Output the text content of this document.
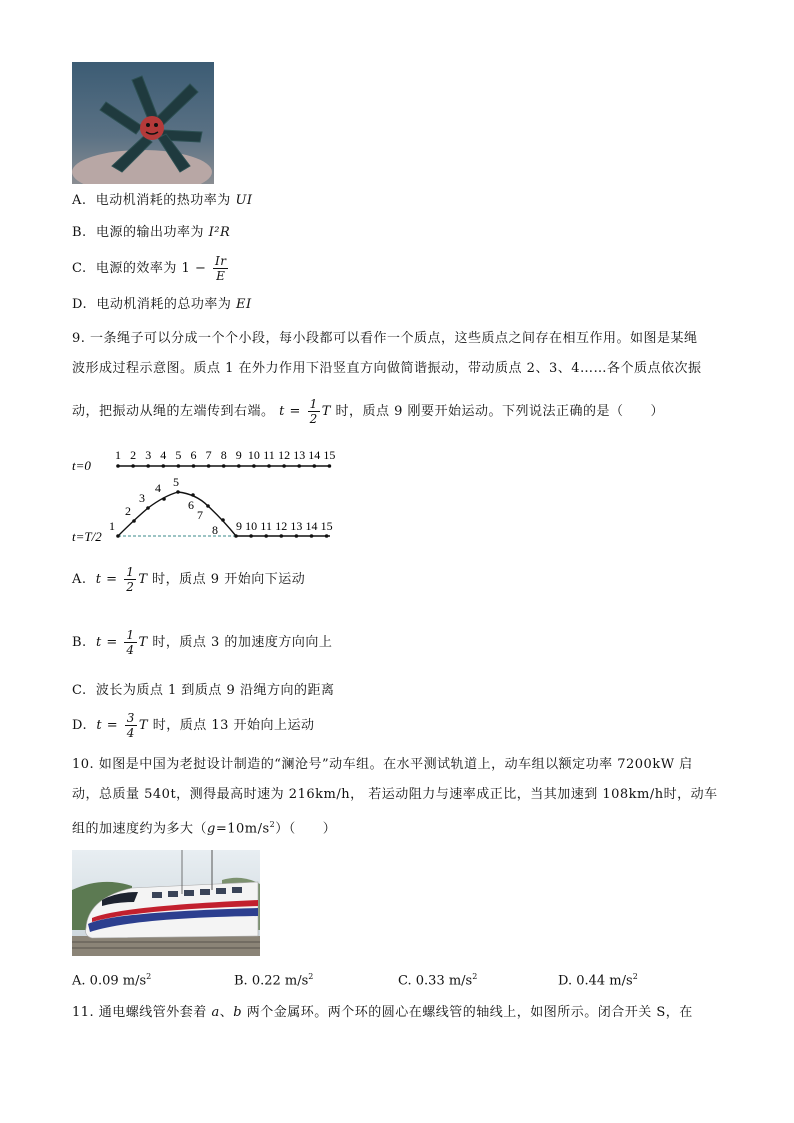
A. 电动机消耗的热功率为 UI
B. 电源的输出功率为 I²R
C. 电源的效率为 $1 - \frac{Ir}{E}$
D. 电动机消耗的总功率为 EI
9. 一条绳子可以分成一个个小段，每小段都可以看作一个质点，这些质点之间存在相互作用。如图是某绳
波形成过程示意图。质点 1 在外力作用下沿竖直方向做简谐振动，带动质点 2、3、4……各个质点依次振
动，把振动从绳的左端传到右端。 $t = \frac{1}{2}$ T 时，质点 9 刚要开始运动。下列说法正确的是（　　）
t=0
1 2 3 4 5 6 7 8 9 10 11 12 13 14 15
t=T/2
1
2
3
4 5
6
7
8 9 10 11 12 13 14 15
A. $t = \frac{1}{2}$ T 时，质点 9 开始向下运动
B. $t = \frac{1}{4}$ T 时，质点 3 的加速度方向向上
C. 波长为质点 1 到质点 9 沿绳方向的距离
D. $t = \frac{3}{4}$ T 时，质点 13 开始向上运动
10. 如图是中国为老挝设计制造的“澜沧号”动车组。在水平测试轨道上，动车组以额定功率 7200kW 启
动，总质量 540t，测得最高时速为 216km/h， 若运动阻力与速率成正比，当其加速到 108km/h时，动车
组的加速度约为多大$(g=10m/s^2)$（　　）
A. 0.09 $m/s^2$	B. 0.22 $m/s^2$	C. 0.33 $m/s^2$	D. 0.44 $m/s^2$
11. 通电螺线管外套着 a、b 两个金属环。两个环的圆心在螺线管的轴线上，如图所示。闭合开关 S，在
